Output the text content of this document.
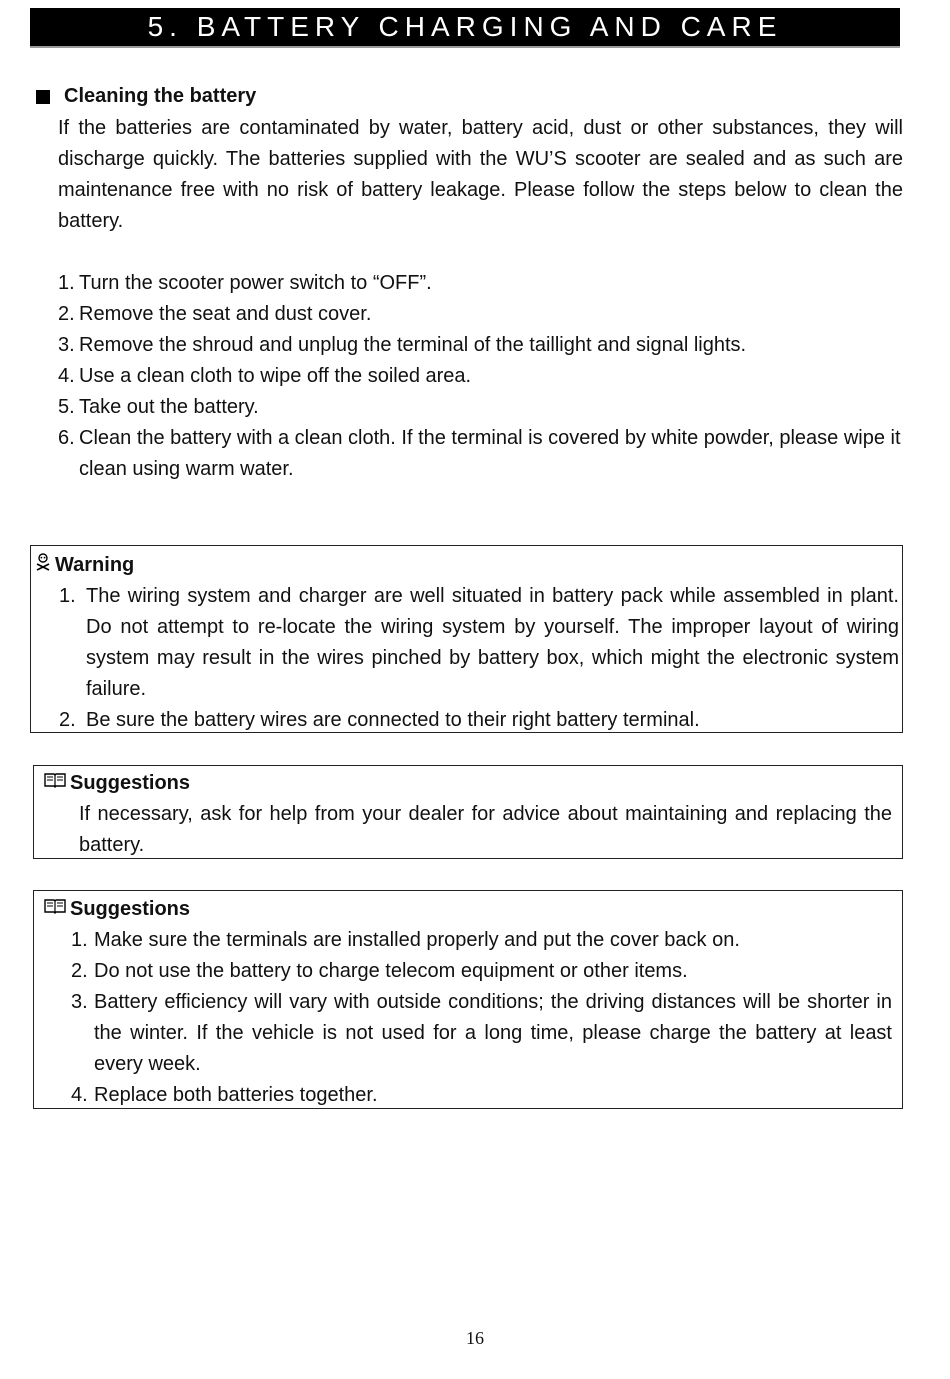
5. BATTERY CHARGING AND CARE
Cleaning the battery
If the batteries are contaminated by water, battery acid, dust or other substances, they will discharge quickly. The batteries supplied with the WU’S scooter are sealed and as such are maintenance free with no risk of battery leakage. Please follow the steps below to clean the battery.
1. Turn the scooter power switch to “OFF”.
2. Remove the seat and dust cover.
3. Remove the shroud and unplug the terminal of the taillight and signal lights.
4. Use a clean cloth to wipe off the soiled area.
5. Take out the battery.
6. Clean the battery with a clean cloth. If the terminal is covered by white powder, please wipe it clean using warm water.
Warning
1. The wiring system and charger are well situated in battery pack while assembled in plant. Do not attempt to re-locate the wiring system by yourself. The improper layout of wiring system may result in the wires pinched by battery box, which might the electronic system failure.
2. Be sure the battery wires are connected to their right battery terminal.
Suggestions
If necessary, ask for help from your dealer for advice about maintaining and replacing the battery.
Suggestions
1. Make sure the terminals are installed properly and put the cover back on.
2. Do not use the battery to charge telecom equipment or other items.
3. Battery efficiency will vary with outside conditions; the driving distances will be shorter in the winter. If the vehicle is not used for a long time, please charge the battery at least every week.
4. Replace both batteries together.
16
